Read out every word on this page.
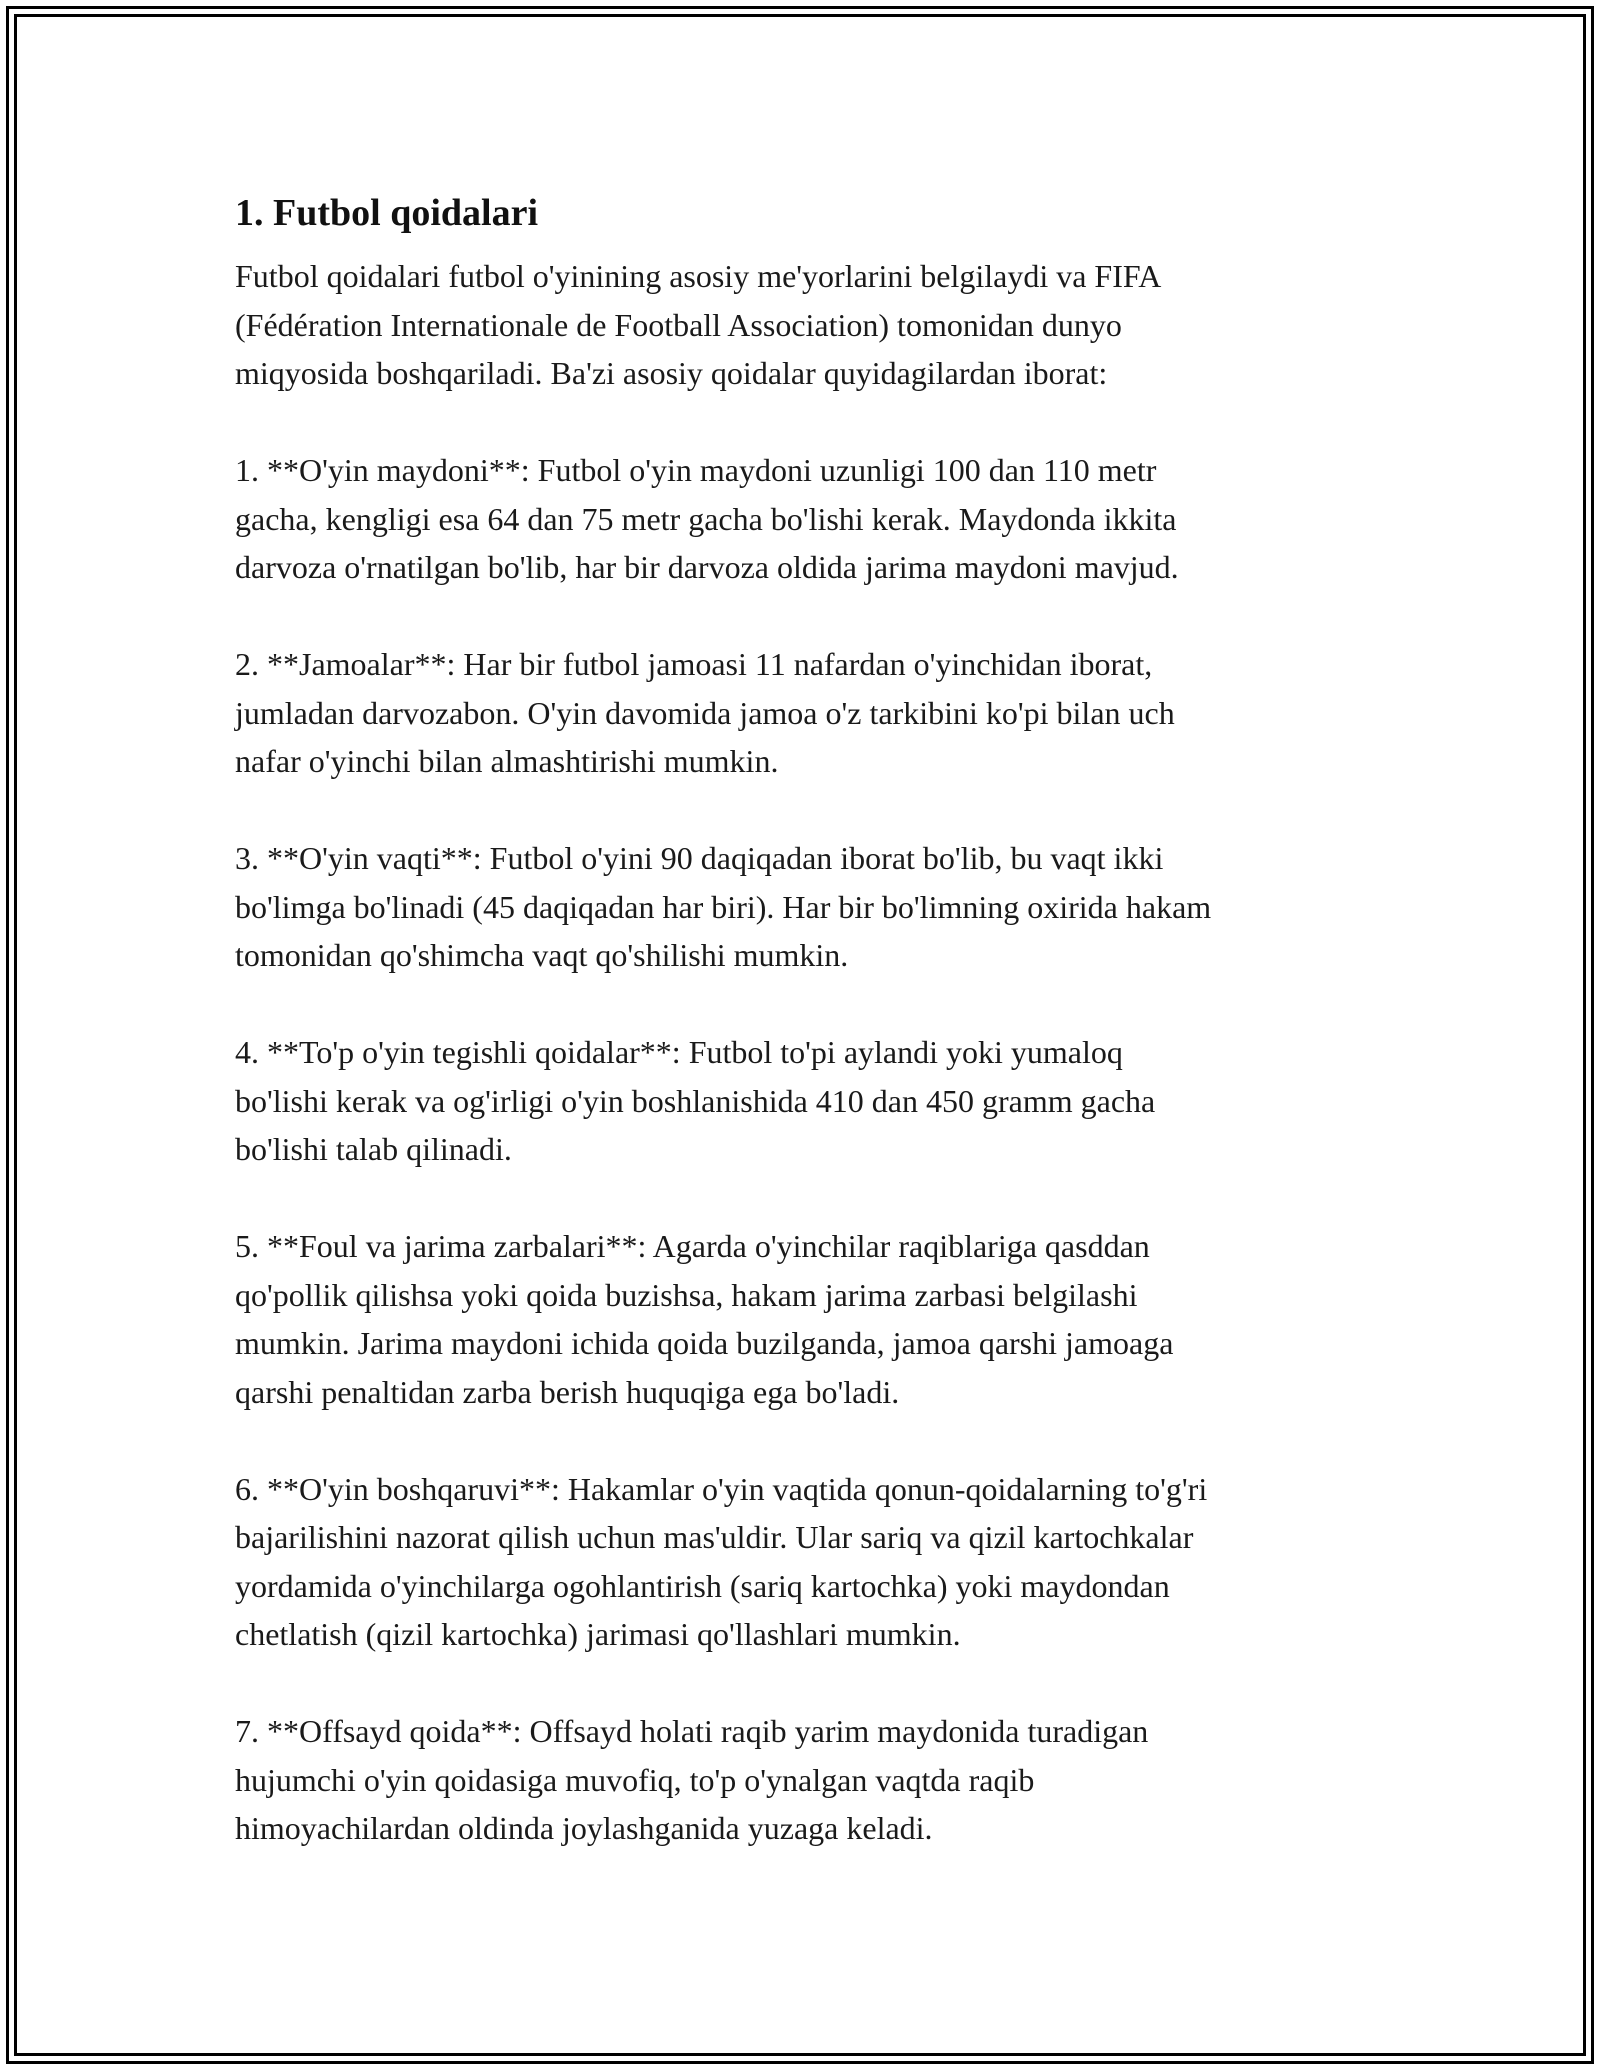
1. Futbol qoidalari

Futbol qoidalari futbol o'yinining asosiy me'yorlarini belgilaydi va FIFA
(Fédération Internationale de Football Association) tomonidan dunyo
miqyosida boshqariladi. Ba'zi asosiy qoidalar quyidagilardan iborat:

1. **O'yin maydoni**: Futbol o'yin maydoni uzunligi 100 dan 110 metr
gacha, kengligi esa 64 dan 75 metr gacha bo'lishi kerak. Maydonda ikkita
darvoza o'rnatilgan bo'lib, har bir darvoza oldida jarima maydoni mavjud.

2. **Jamoalar**: Har bir futbol jamoasi 11 nafardan o'yinchidan iborat,
jumladan darvozabon. O'yin davomida jamoa o'z tarkibini ko'pi bilan uch
nafar o'yinchi bilan almashtirishi mumkin.

3. **O'yin vaqti**: Futbol o'yini 90 daqiqadan iborat bo'lib, bu vaqt ikki
bo'limga bo'linadi (45 daqiqadan har biri). Har bir bo'limning oxirida hakam
tomonidan qo'shimcha vaqt qo'shilishi mumkin.

4. **To'p o'yin tegishli qoidalar**: Futbol to'pi aylandi yoki yumaloq
bo'lishi kerak va og'irligi o'yin boshlanishida 410 dan 450 gramm gacha
bo'lishi talab qilinadi.

5. **Foul va jarima zarbalari**: Agarda o'yinchilar raqiblariga qasddan
qo'pollik qilishsa yoki qoida buzishsa, hakam jarima zarbasi belgilashi
mumkin. Jarima maydoni ichida qoida buzilganda, jamoa qarshi jamoaga
qarshi penaltidan zarba berish huquqiga ega bo'ladi.

6. **O'yin boshqaruvi**: Hakamlar o'yin vaqtida qonun-qoidalarning to'g'ri
bajarilishini nazorat qilish uchun mas'uldir. Ular sariq va qizil kartochkalar
yordamida o'yinchilarga ogohlantirish (sariq kartochka) yoki maydondan
chetlatish (qizil kartochka) jarimasi qo'llashlari mumkin.

7. **Offsayd qoida**: Offsayd holati raqib yarim maydonida turadigan
hujumchi o'yin qoidasiga muvofiq, to'p o'ynalgan vaqtda raqib
himoyachilardan oldinda joylashganida yuzaga keladi.
